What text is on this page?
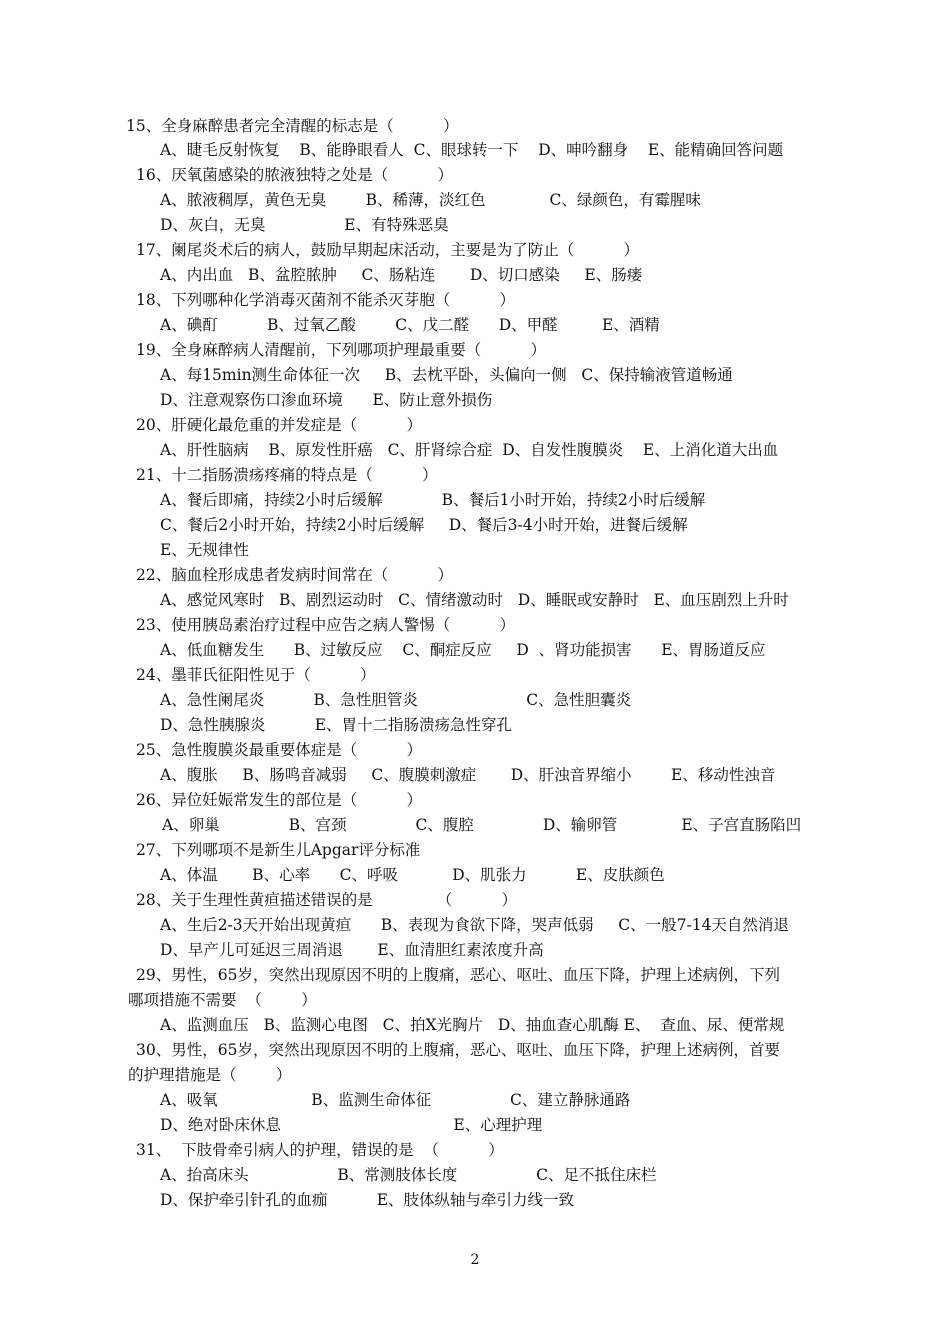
15、全身麻醉患者完全清醒的标志是（          ）
A、睫毛反射恢复    B、能睁眼看人  C、眼球转一下    D、呻吟翻身    E、能精确回答问题
16、厌氧菌感染的脓液独特之处是（          ）
A、脓液稠厚，黄色无臭        B、稀薄，淡红色             C、绿颜色，有霉腥味
D、灰白，无臭                E、有特殊恶臭
17、阑尾炎术后的病人，鼓励早期起床活动，主要是为了防止（          ）
A、内出血   B、盆腔脓肿     C、肠粘连       D、切口感染     E、肠瘘
18、下列哪种化学消毒灭菌剂不能杀灭芽胞（          ）
A、碘酊          B、过氧乙酸        C、戊二醛      D、甲醛         E、酒精
19、全身麻醉病人清醒前，下列哪项护理最重要（          ）
A、每15min测生命体征一次     B、去枕平卧，头偏向一侧   C、保持输液管道畅通
D、注意观察伤口渗血环境      E、防止意外损伤
20、肝硬化最危重的并发症是（          ）
A、肝性脑病    B、原发性肝癌   C、肝肾综合症  D、自发性腹膜炎    E、上消化道大出血
21、十二指肠溃疡疼痛的特点是（          ）
A、餐后即痛，持续2小时后缓解            B、餐后1小时开始，持续2小时后缓解
C、餐后2小时开始，持续2小时后缓解     D、餐后3-4小时开始，进餐后缓解
E、无规律性
22、脑血栓形成患者发病时间常在（          ）
A、感觉风寒时   B、剧烈运动时   C、情绪激动时   D、睡眠或安静时   E、血压剧烈上升时
23、使用胰岛素治疗过程中应告之病人警惕（          ）
A、低血糖发生      B、过敏反应    C、酮症反应     D  、肾功能损害      E、胃肠道反应
24、墨菲氏征阳性见于（          ）
A、急性阑尾炎          B、急性胆管炎                      C、急性胆囊炎
D、急性胰腺炎          E、胃十二指肠溃疡急性穿孔
25、急性腹膜炎最重要体症是（          ）
A、腹胀     B、肠鸣音减弱     C、腹膜刺激症       D、肝浊音界缩小        E、移动性浊音
26、异位妊娠常发生的部位是（          ）
A、卵巢              B、宫颈              C、腹腔              D、输卵管             E、子宫直肠陷凹
27、下列哪项不是新生儿Apgar评分标准
A、体温       B、心率      C、呼吸           D、肌张力          E、皮肤颜色
28、关于生理性黄疸描述错误的是             （          ）
A、生后2-3天开始出现黄疸      B、表现为食欲下降，哭声低弱     C、一般7-14天自然消退
D、早产儿可延迟三周消退       E、血清胆红素浓度升高
29、男性，65岁，突然出现原因不明的上腹痛，恶心、呕吐、血压下降，护理上述病例，下列
哪项措施不需要  （        ）
A、监测血压   B、监测心电图   C、拍X光胸片   D、抽血查心肌酶 E、  查血、尿、便常规
30、男性，65岁，突然出现原因不明的上腹痛，恶心、呕吐、血压下降，护理上述病例，首要
的护理措施是（        ）
A、吸氧                   B、监测生命体征                C、建立静脉通路
D、绝对卧床休息                                   E、心理护理
31、  下肢骨牵引病人的护理，错误的是  （          ）
A、抬高床头                  B、常测肢体长度                C、足不抵住床栏
D、保护牵引针孔的血痂          E、肢体纵轴与牵引力线一致
2
